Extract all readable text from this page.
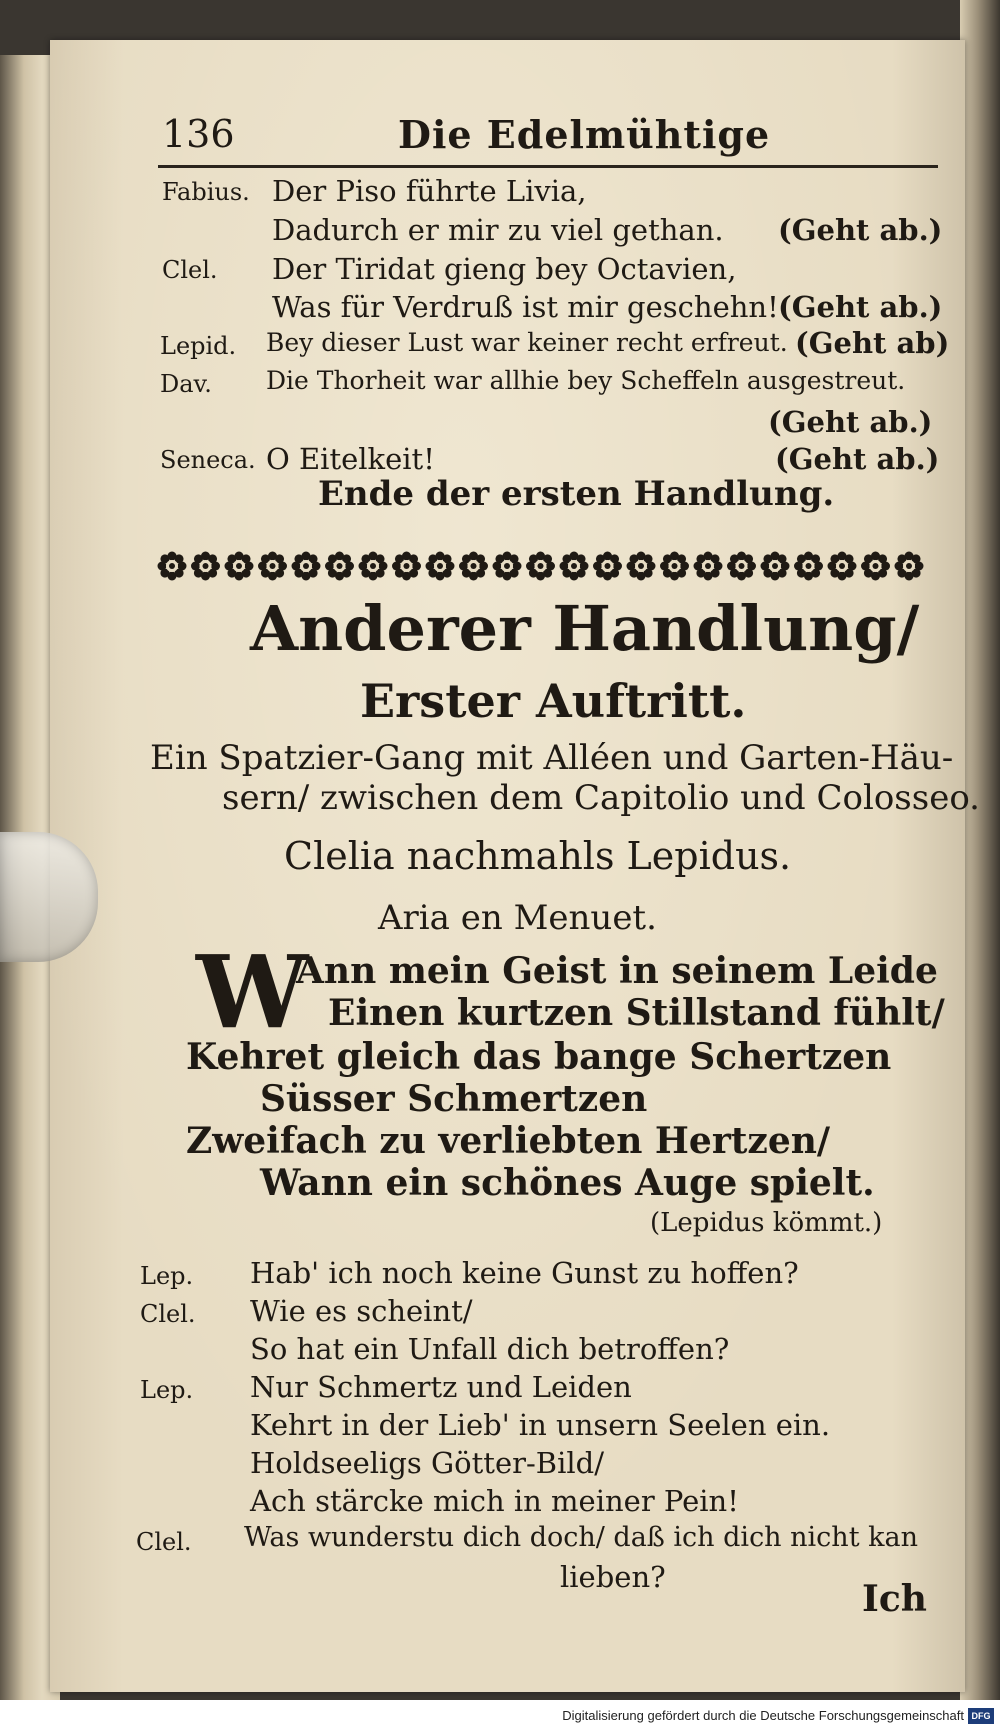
136	Die Edelmühtige
Fabius. Der Piso führte Livia,
Dadurch er mir zu viel gethan. (Geht ab.)
Clel. Der Tiridat gieng bey Octavien,
Was für Verdruß ist mir geschehn! (Geht ab.)
Lepid. Bey dieser Lust war keiner recht erfreut. (Geht ab)
Dav. Die Thorheit war allhie bey Scheffeln ausgestreut.
(Geht ab.)
Seneca. O Eitelkeit!	(Geht ab.)
Ende der ersten Handlung.
Anderer Handlung/
Erster Auftritt.
Ein Spatzier-Gang mit Alléen und Garten-Häu-
sern/ zwischen dem Capitolio und Colosseo.
Clelia nachmahls Lepidus.
Aria en Menuet.
W
Ann mein Geist in seinem Leide
Einen kurtzen Stillstand fühlt/
Kehret gleich das bange Schertzen
Süsser Schmertzen
Zweifach zu verliebten Hertzen/
Wann ein schönes Auge spielt.
(Lepidus kömmt.)
Lep. Hab' ich noch keine Gunst zu hoffen?
Clel. Wie es scheint/
So hat ein Unfall dich betroffen?
Lep. Nur Schmertz und Leiden
Kehrt in der Lieb' in unsern Seelen ein.
Holdseeligs Götter-Bild/
Ach stärcke mich in meiner Pein!
Clel. Was wunderstu dich doch/ daß ich dich nicht kan
lieben?
Ich
Digitalisierung gefördert durch die Deutsche Forschungsgemeinschaft DFG
